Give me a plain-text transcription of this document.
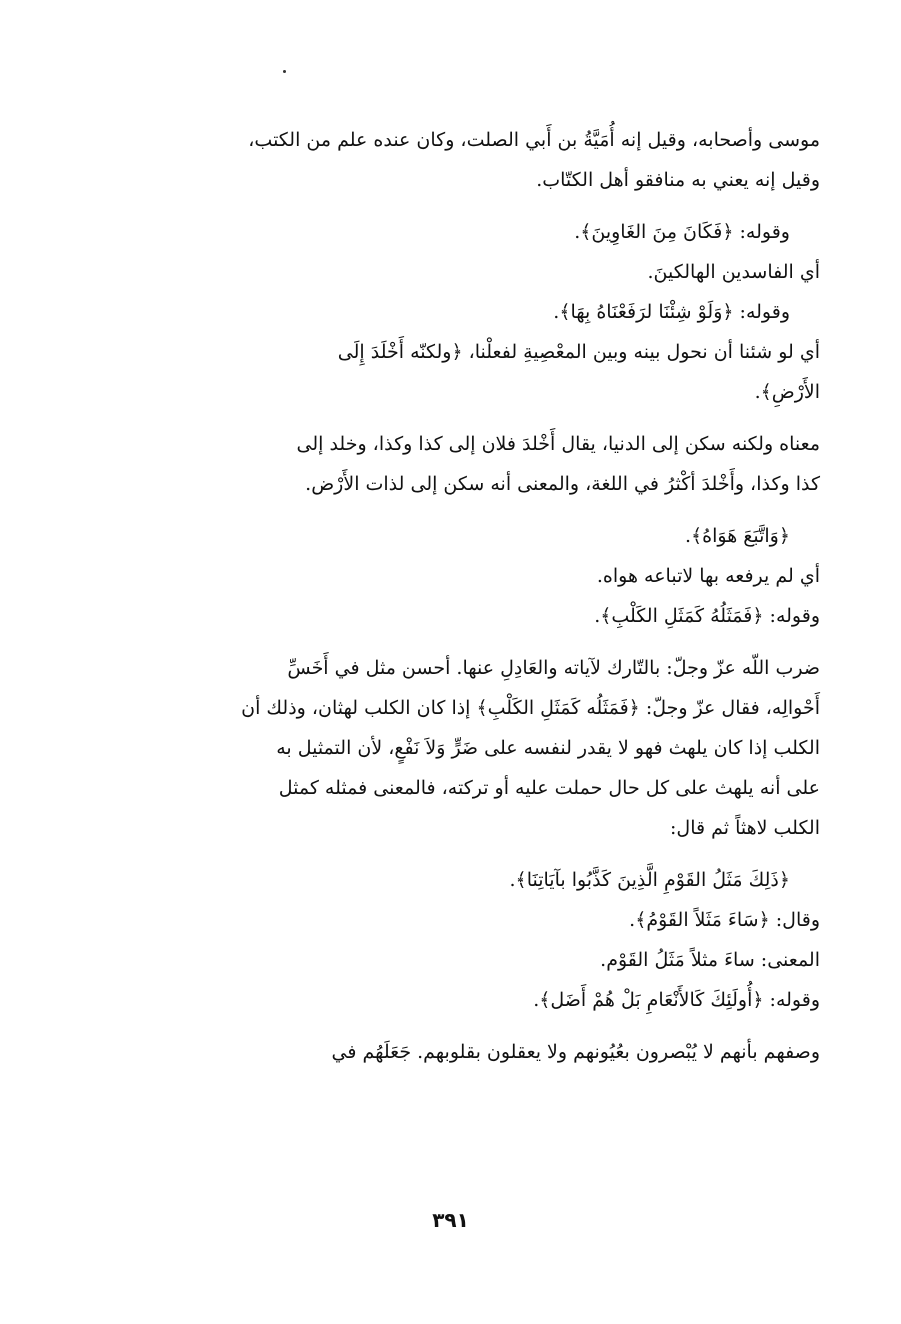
موسى وأصحابه، وقيل إنه أُمَيَّةُ بن أَبي الصلت، وكان عنده علم من الكتب،
وقيل إنه يعني به منافقو أهل الكتّاب.

وقوله: ﴿فَكَانَ مِنَ الغَاوِينَ﴾.
أي الفاسدين الهالكينَ.
وقوله: ﴿وَلَوْ شِئْنَا لرَفَعْنَاهُ بِهَا﴾.
أي لو شئنا أن نحول بينه وبين المعْصِيةِ لفعلْنا، ﴿ولكنّه أَخْلَدَ إِلَى
الأَرْضِ﴾.

معناه ولكنه سكن إلى الدنيا، يقال أَخْلدَ فلان إلى كذا وكذا، وخلد إلى
كذا وكذا، وأَخْلدَ أكْثرُ في اللغة، والمعنى أنه سكن إلى لذات الأَرْض.

﴿وَاتَّبَعَ هَوَاهُ﴾.
أي لم يرفعه بها لاتباعه هواه.
وقوله: ﴿فَمَثَلُهُ كَمَثَلِ الكَلْبِ﴾.

ضرب اللّه عزّ وجلّ: بالتّارك لآياته والعَادِلِ عنها. أحسن مثل في أَخَسِّ
أَحْوالِه، فقال عزّ وجلّ: ﴿فَمَثَلُه كَمَثَلِ الكَلْبِ﴾ إذا كان الكلب لهثان، وذلك أن
الكلب إذا كان يلهث فهو لا يقدر لنفسه على ضَرٍّ وَلاَ نَفْعٍ، لأن التمثيل به
على أنه يلهث على كل حال حملت عليه أو تركته، فالمعنى فمثله كمثل
الكلب لاهثاً ثم قال:

﴿ذَلِكَ مَثَلُ القَوْمِ الَّذِينَ كَذَّبُوا بآيَاتِنَا﴾.
وقال: ﴿سَاءَ مَثَلاً القَوْمُ﴾.
المعنى: ساءَ مثلاً مَثَلُ القَوْم.
وقوله: ﴿أُولَئِكَ كَالأَنْعَامِ بَلْ هُمْ أَضَل﴾.

وصفهم بأنهم لا يُبْصرون بعُيُونهم ولا يعقلون بقلوبهم. جَعَلَهُم في

٣٩١
